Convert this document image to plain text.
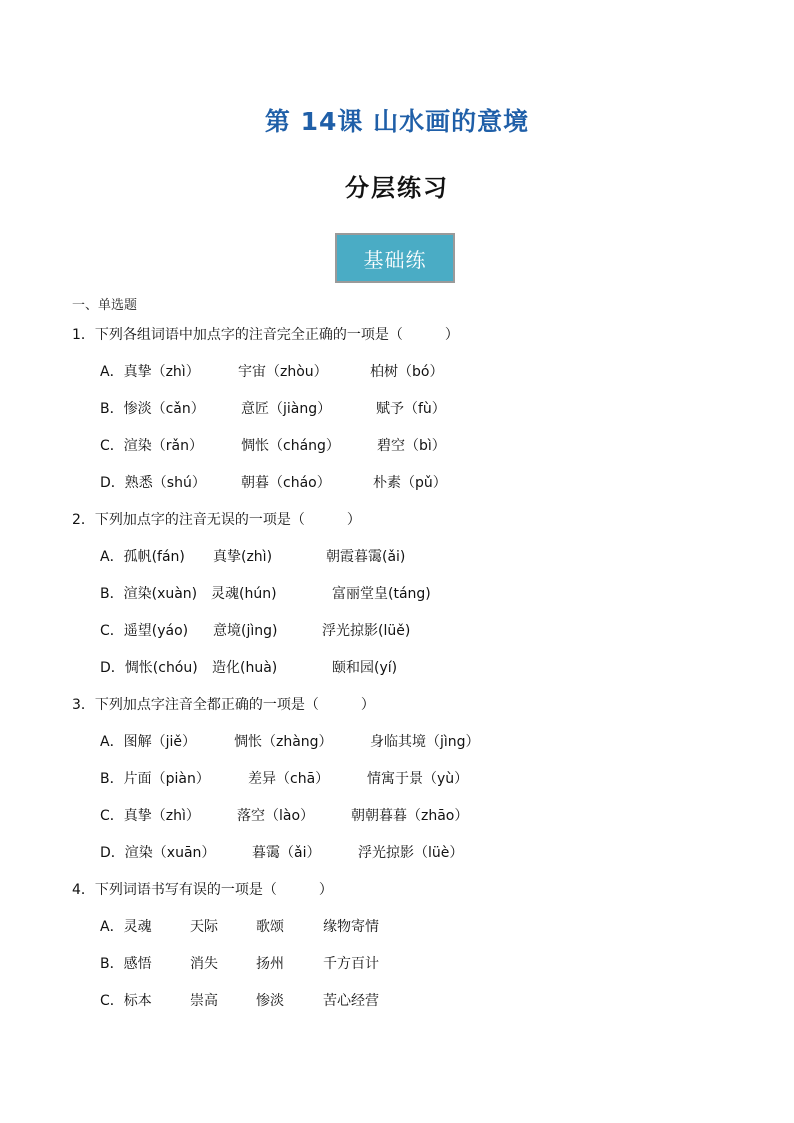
第 14课 山水画的意境
分层练习
基础练
一、单选题
1．下列各组词语中加点字的注音完全正确的一项是（　　　）
A．真挚（zhì）	宇宙（zhòu）	柏树（bó）
B．惨淡（cǎn）	意匠（jiàng）	赋予（fù）
C．渲染（rǎn）	惆怅（cháng）	碧空（bì）
D．熟悉（shú）	朝暮（cháo）	朴素（pǔ）
2．下列加点字的注音无误的一项是（　　　）
A．孤帆(fán) 真挚(zhì)	朝霞暮霭(ǎi)
B．渲染(xuàn) 灵魂(hún)	富丽堂皇(táng)
C．遥望(yáo) 意境(jìng)	浮光掠影(lüě)
D．惆怅(chóu) 造化(huà)	颐和园(yí)
3．下列加点字注音全都正确的一项是（　　　）
A．图解（jiě）	惆怅（zhàng）	身临其境（jìng）
B．片面（piàn）	差异（chā）	情寓于景（yù）
C．真挚（zhì）	落空（lào）	朝朝暮暮（zhāo）
D．渲染（xuān）	暮霭（ǎi）	浮光掠影（lüè）
4．下列词语书写有误的一项是（　　　）
A．灵魂	天际	歌颂	缘物寄情
B．感悟	消失	扬州	千方百计
C．标本	崇高	惨淡	苦心经营
